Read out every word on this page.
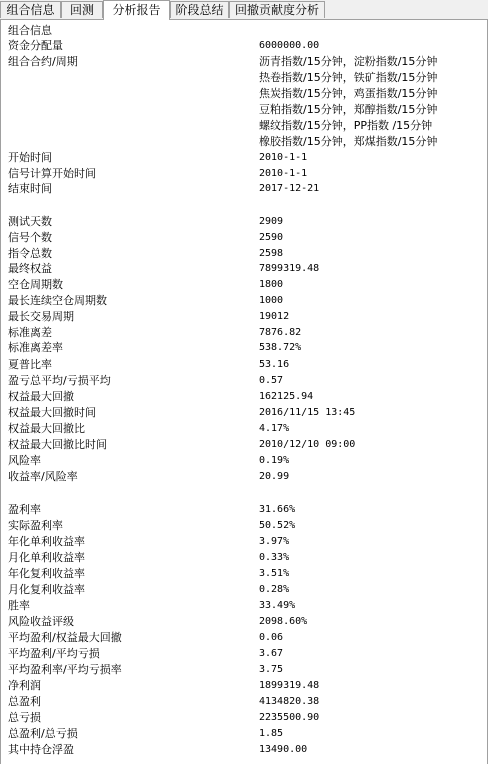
组合信息	回测	分析报告	阶段总结 回撤贡献度分析
组合信息
资金分配量	6000000.00
组合合约/周期	沥青指数/15分钟，淀粉指数/15分钟
热卷指数/15分钟，铁矿指数/15分钟
焦炭指数/15分钟，鸡蛋指数/15分钟
豆粕指数/15分钟，郑醇指数/15分钟
螺纹指数/15分钟，PP指数 /15分钟
橡胶指数/15分钟，郑煤指数/15分钟
开始时间	2010-1-1
信号计算开始时间	2010-1-1
结束时间	2017-12-21
测试天数	2909
信号个数	2590
指令总数	2598
最终权益	7899319.48
空仓周期数	1800
最长连续空仓周期数	1000
最长交易周期	19012
标准离差	7876.82
标准离差率	538.72%
夏普比率	53.16
盈亏总平均/亏损平均	0.57
权益最大回撤	162125.94
权益最大回撤时间	2016/11/15 13:45
权益最大回撤比	4.17%
权益最大回撤比时间	2010/12/10 09:00
风险率	0.19%
收益率/风险率	20.99
盈利率	31.66%
实际盈利率	50.52%
年化单利收益率	3.97%
月化单利收益率	0.33%
年化复利收益率	3.51%
月化复利收益率	0.28%
胜率	33.49%
风险收益评级	2098.60%
平均盈利/权益最大回撤	0.06
平均盈利/平均亏损	3.67
平均盈利率/平均亏损率	3.75
净利润	1899319.48
总盈利	4134820.38
总亏损	2235500.90
总盈利/总亏损	1.85
其中持仓浮盈	13490.00
